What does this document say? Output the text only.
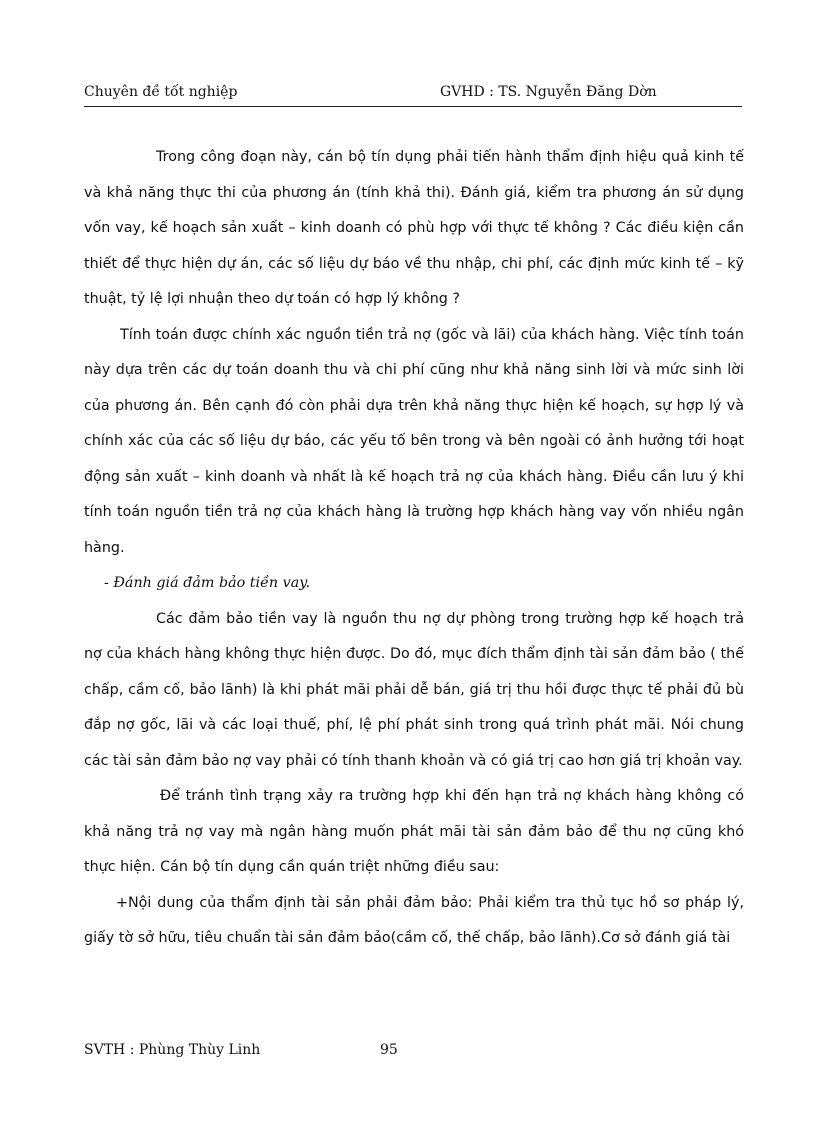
Chuyên đề tốt nghiệp	GVHD : TS. Nguyễn Đăng Dờn

Trong công đoạn này, cán bộ tín dụng phải tiến hành thẩm định hiệu quả kinh tế và khả năng thực thi của phương án (tính khả thi). Đánh giá, kiểm tra phương án sử dụng vốn vay, kế hoạch sản xuất – kinh doanh có phù hợp với thực tế không ? Các điều kiện cần thiết để thực hiện dự án, các số liệu dự báo về thu nhập, chi phí, các định mức kinh tế – kỹ thuật, tỷ lệ lợi nhuận theo dự toán có hợp lý không ?

Tính toán được chính xác nguồn tiền trả nợ (gốc và lãi) của khách hàng. Việc tính toán này dựa trên các dự toán doanh thu và chi phí cũng như khả năng sinh lời và mức sinh lời của phương án. Bên cạnh đó còn phải dựa trên khả năng thực hiện kế hoạch, sự hợp lý và chính xác của các số liệu dự báo, các yếu tố bên trong và bên ngoài có ảnh hưởng tới hoạt động sản xuất – kinh doanh và nhất là kế hoạch trả nợ của khách hàng. Điều cần lưu ý khi tính toán nguồn tiền trả nợ của khách hàng là trường hợp khách hàng vay vốn nhiều ngân hàng.

- Đánh giá đảm bảo tiền vay.

Các đảm bảo tiền vay là nguồn thu nợ dự phòng trong trường hợp kế hoạch trả nợ của khách hàng không thực hiện được. Do đó, mục đích thẩm định tài sản đảm bảo ( thế chấp, cầm cố, bảo lãnh) là khi phát mãi phải dễ bán, giá trị thu hồi được thực tế phải đủ bù đắp nợ gốc, lãi và các loại thuế, phí, lệ phí phát sinh trong quá trình phát mãi. Nói chung các tài sản đảm bảo nợ vay phải có tính thanh khoản và có giá trị cao hơn giá trị khoản vay.

Để tránh tình trạng xảy ra trường hợp khi đến hạn trả nợ khách hàng không có khả năng trả nợ vay mà ngân hàng muốn phát mãi tài sản đảm bảo để thu nợ cũng khó thực hiện. Cán bộ tín dụng cần quán triệt những điều sau:

+Nội dung của thẩm định tài sản phải đảm bảo: Phải kiểm tra thủ tục hồ sơ pháp lý, giấy tờ sở hữu, tiêu chuẩn tài sản đảm bảo(cầm cố, thế chấp, bảo lãnh).Cơ sở đánh giá tài

SVTH : Phùng Thùy Linh	95
